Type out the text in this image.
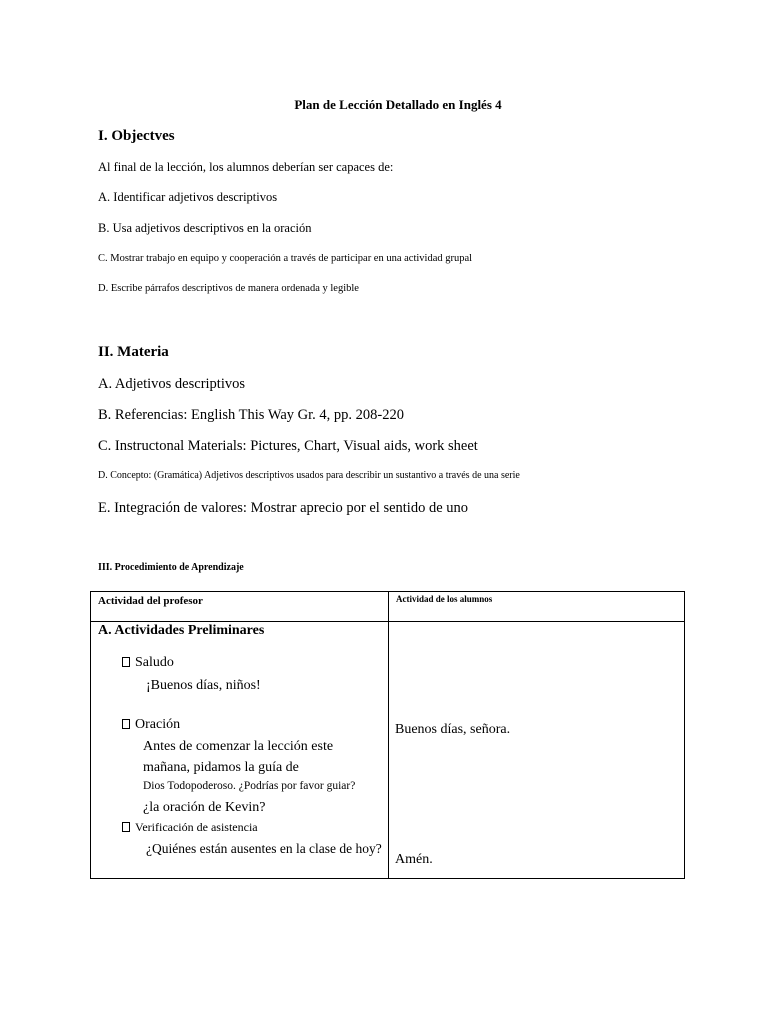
Plan de Lección Detallado en Inglés 4
I. Objectves
Al final de la lección, los alumnos deberían ser capaces de:
A. Identificar adjetivos descriptivos
B. Usa adjetivos descriptivos en la oración
C. Mostrar trabajo en equipo y cooperación a través de participar en una actividad grupal
D. Escribe párrafos descriptivos de manera ordenada y legible
II. Materia
A. Adjetivos descriptivos
B. Referencias: English This Way Gr. 4, pp. 208-220
C. Instructonal Materials: Pictures, Chart, Visual aids, work sheet
D. Concepto: (Gramática) Adjetivos descriptivos usados para describir un sustantivo a través de una serie
E. Integración de valores: Mostrar aprecio por el sentido de uno
III. Procedimiento de Aprendizaje
Actividad del profesor	Actividad de los alumnos
A. Actividades Preliminares
Saludo
¡Buenos días, niños!
Oración
Antes de comenzar la lección este
mañana, pidamos la guía de
Dios Todopoderoso. ¿Podrías por favor guiar?
¿la oración de Kevin?
Verificación de asistencia
¿Quiénes están ausentes en la clase de hoy?
Buenos días, señora.
Amén.
